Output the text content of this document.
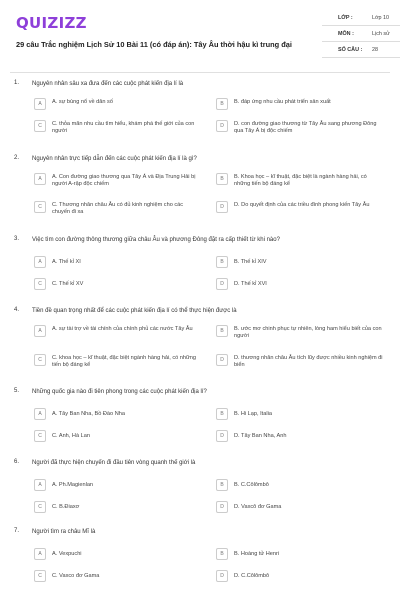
QUIZIZZ
29 câu Trắc nghiệm Lịch Sử 10 Bài 11 (có đáp án): Tây Âu thời hậu kì trung đại
LỚP :	Lớp 10
MÔN :	Lịch sử
SỐ CÂU : 28
1. Nguyên nhân sâu xa đưa đến các cuộc phát kiến địa lí là
A	A. sự bùng nổ về dân số	B	B. đáp ứng nhu cầu phát triển sản xuất
C	C. thỏa mãn nhu cầu tìm hiểu, khám phá thế giới của con người
D	D. con đường giao thương từ Tây Âu sang phương Đông qua Tây Á bị độc chiếm
2. Nguyên nhân trực tiếp dẫn đến các cuộc phát kiến địa lí là gì?
A	A. Con đường giao thương qua Tây Á và Địa Trung Hải bị người A-rập độc chiếm
B	B. Khoa học – kĩ thuật, đặc biệt là ngành hàng hải, có những tiến bộ đáng kể
C	C. Thương nhân châu Âu có đủ kinh nghiệm cho các chuyến đi xa
D	D. Do quyết định của các triều đình phong kiến Tây Âu
3. Việc tìm con đường thông thương giữa châu Âu và phương Đông đặt ra cấp thiết từ khi nào?
A	A. Thế kỉ XI	B	B. Thế kỉ XIV
C	C. Thế kỉ XV	D	D. Thế kỉ XVI
4. Tiền đề quan trọng nhất để các cuộc phát kiến địa lí có thể thực hiện được là
A	A. sự tài trợ về tài chính của chính phủ các nước Tây Âu	B	B. ước mơ chinh phục tự nhiên, lòng ham hiểu biết của con người
C	C. khoa học – kĩ thuật, đặc biệt ngành hàng hải, có những tiến bộ đáng kể
D	D. thương nhân châu Âu tích lũy được nhiều kinh nghiệm đi biển
5. Những quốc gia nào đi tiên phong trong các cuộc phát kiến địa lí?
A	A. Tây Ban Nha, Bồ Đào Nha	B	B. Hi Lạp, Italia
C	C. Anh, Hà Lan	D	D. Tây Ban Nha, Anh
6. Người đã thực hiện chuyến đi đầu tiên vòng quanh thế giới là
A	A. Ph.Magienlan	B	B. C.Côlômbô
C	C. B.Điaxơ	D	D. Vaxcô đơ Gama
7. Người tìm ra châu Mĩ là
A	A. Vexpuchi	B	B. Hoàng tử Henri
C	C. Vaxco đơ Gama	D	D. C.Côlômbô
